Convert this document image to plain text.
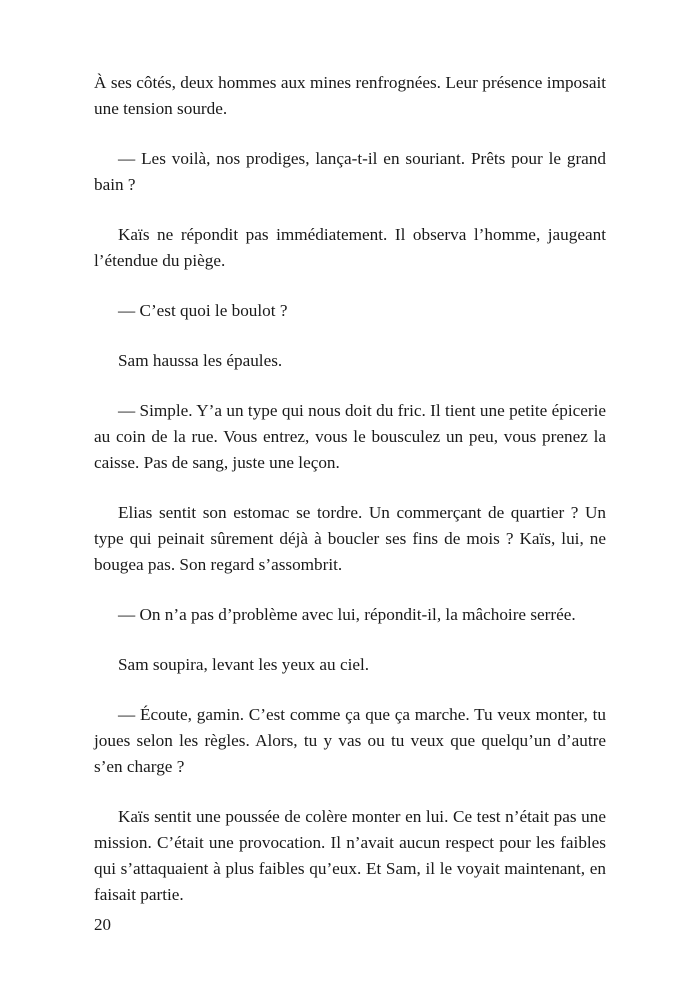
À ses côtés, deux hommes aux mines renfrognées. Leur présence imposait une tension sourde.

— Les voilà, nos prodiges, lança-t-il en souriant. Prêts pour le grand bain ?

Kaïs ne répondit pas immédiatement. Il observa l’homme, jaugeant l’étendue du piège.

— C’est quoi le boulot ?

Sam haussa les épaules.

— Simple. Y’a un type qui nous doit du fric. Il tient une petite épicerie au coin de la rue. Vous entrez, vous le bousculez un peu, vous prenez la caisse. Pas de sang, juste une leçon.

Elias sentit son estomac se tordre. Un commerçant de quartier ? Un type qui peinait sûrement déjà à boucler ses fins de mois ? Kaïs, lui, ne bougea pas. Son regard s’assombrit.

— On n’a pas d’problème avec lui, répondit-il, la mâchoire serrée.

Sam soupira, levant les yeux au ciel.

— Écoute, gamin. C’est comme ça que ça marche. Tu veux monter, tu joues selon les règles. Alors, tu y vas ou tu veux que quelqu’un d’autre s’en charge ?

Kaïs sentit une poussée de colère monter en lui. Ce test n’était pas une mission. C’était une provocation. Il n’avait aucun respect pour les faibles qui s’attaquaient à plus faibles qu’eux. Et Sam, il le voyait maintenant, en faisait partie.

20
